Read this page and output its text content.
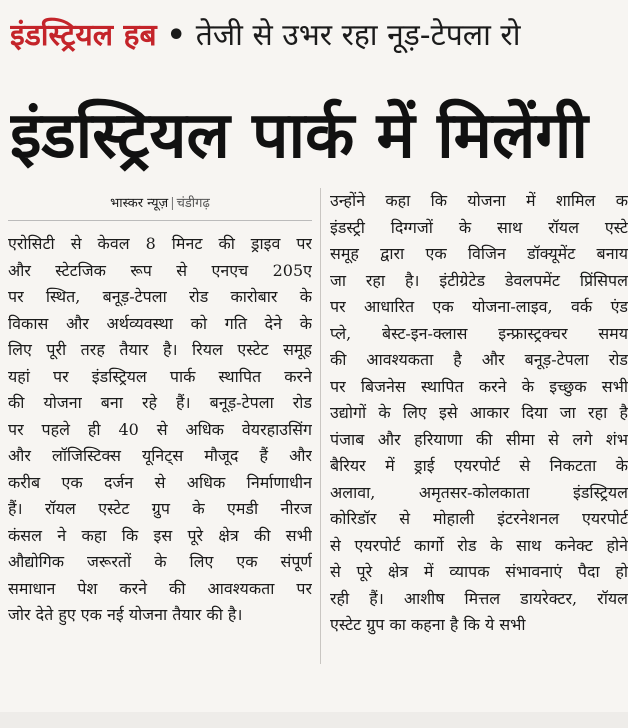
इंडस्ट्रियल हब • तेजी से उभर रहा नूड़-टेपला रो
इंडस्ट्रियल पार्क में मिलेंगी
भास्कर न्यूज़ | चंडीगढ़
एरोसिटी से केवल 8 मिनट की ड्राइव पर
और स्टेटजिक रूप से एनएच 205ए
पर स्थित, बनूड़-टेपला रोड कारोबार के
विकास और अर्थव्यवस्था को गति देने के
लिए पूरी तरह तैयार है। रियल एस्टेट समूह
यहां पर इंडस्ट्रियल पार्क स्थापित करने
की योजना बना रहे हैं। बनूड़-टेपला रोड
पर पहले ही 40 से अधिक वेयरहाउसिंग
और लॉजिस्टिक्स यूनिट्स मौजूद हैं और
करीब एक दर्जन से अधिक निर्माणाधीन
हैं। रॉयल एस्टेट ग्रुप के एमडी नीरज
कंसल ने कहा कि इस पूरे क्षेत्र की सभी
औद्योगिक जरूरतों के लिए एक संपूर्ण
समाधान पेश करने की आवश्यकता पर
जोर देते हुए एक नई योजना तैयार की है।
उन्होंने कहा कि योजना में शामिल क
इंडस्ट्री दिग्गजों के साथ रॉयल एस्टे
समूह द्वारा एक विजिन डॉक्यूमेंट बनाय
जा रहा है। इंटीग्रेटेड डेवलपमेंट प्रिंसिपल
पर आधारित एक योजना-लाइव, वर्क एंड
प्ले, बेस्ट-इन-क्लास इन्फ्रास्ट्रक्चर समय
की आवश्यकता है और बनूड़-टेपला रोड
पर बिजनेस स्थापित करने के इच्छुक सभी
उद्योगों के लिए इसे आकार दिया जा रहा है
पंजाब और हरियाणा की सीमा से लगे शंभ
बैरियर में ड्राई एयरपोर्ट से निकटता के
अलावा, अमृतसर-कोलकाता इंडस्ट्रियल
कोरिडॉर से मोहाली इंटरनेशनल एयरपोर्ट
से एयरपोर्ट कार्गो रोड के साथ कनेक्ट होने
से पूरे क्षेत्र में व्यापक संभावनाएं पैदा हो
रही हैं। आशीष मित्तल डायरेक्टर, रॉयल
एस्टेट ग्रुप का कहना है कि ये सभी
